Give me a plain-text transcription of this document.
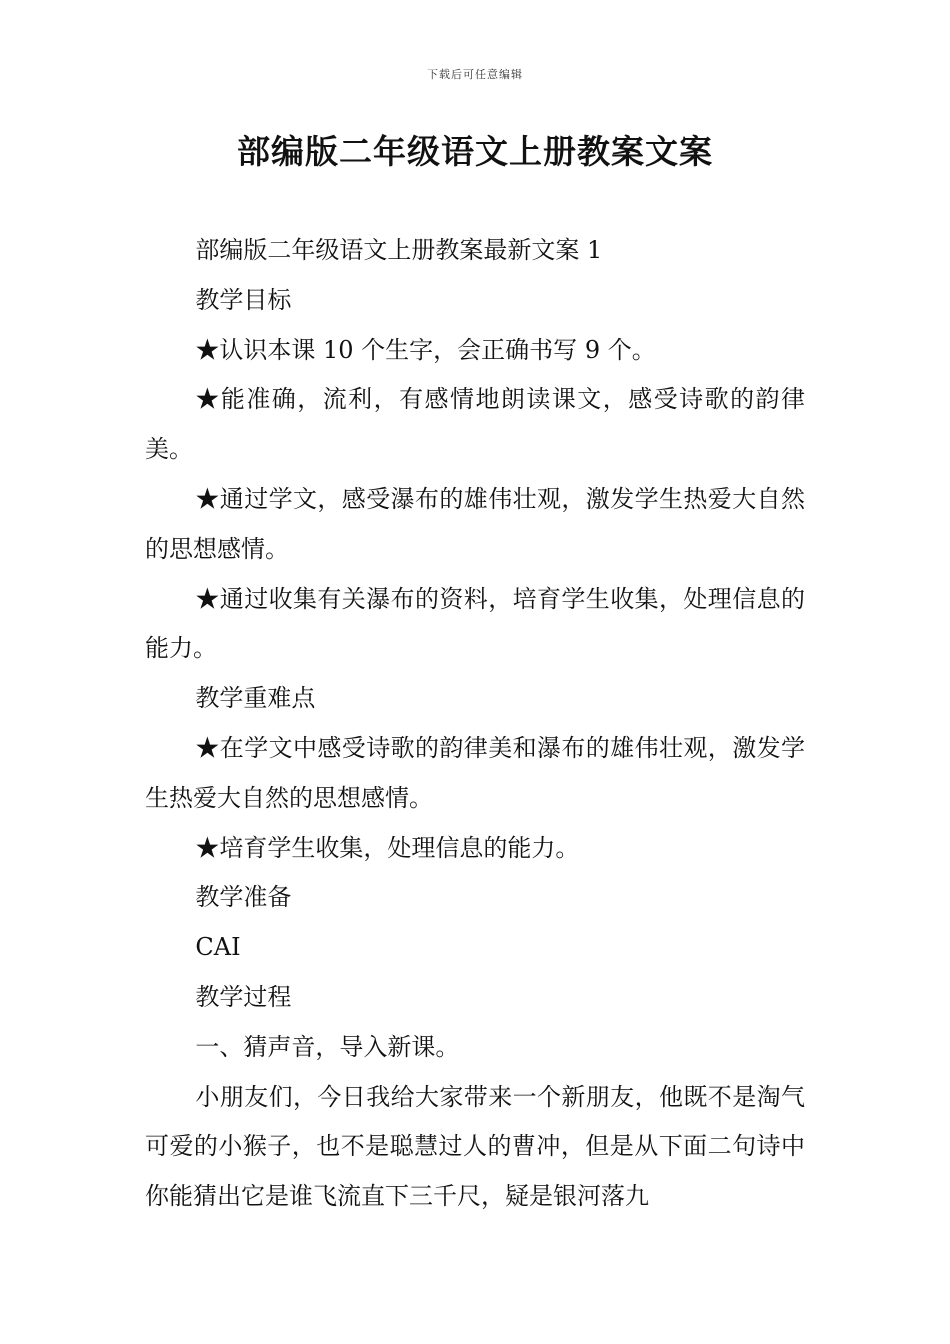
下载后可任意编辑
部编版二年级语文上册教案文案

部编版二年级语文上册教案最新文案 1

教学目标

★认识本课 10 个生字，会正确书写 9 个。

★能准确，流利，有感情地朗读课文，感受诗歌的韵律美。

★通过学文，感受瀑布的雄伟壮观，激发学生热爱大自然的思想感情。

★通过收集有关瀑布的资料，培育学生收集，处理信息的能力。

教学重难点

★在学文中感受诗歌的韵律美和瀑布的雄伟壮观，激发学生热爱大自然的思想感情。

★培育学生收集，处理信息的能力。

教学准备

CAI

教学过程

一、猜声音，导入新课。

小朋友们，今日我给大家带来一个新朋友，他既不是淘气可爱的小猴子，也不是聪慧过人的曹冲，但是从下面二句诗中你能猜出它是谁飞流直下三千尺，疑是银河落九
